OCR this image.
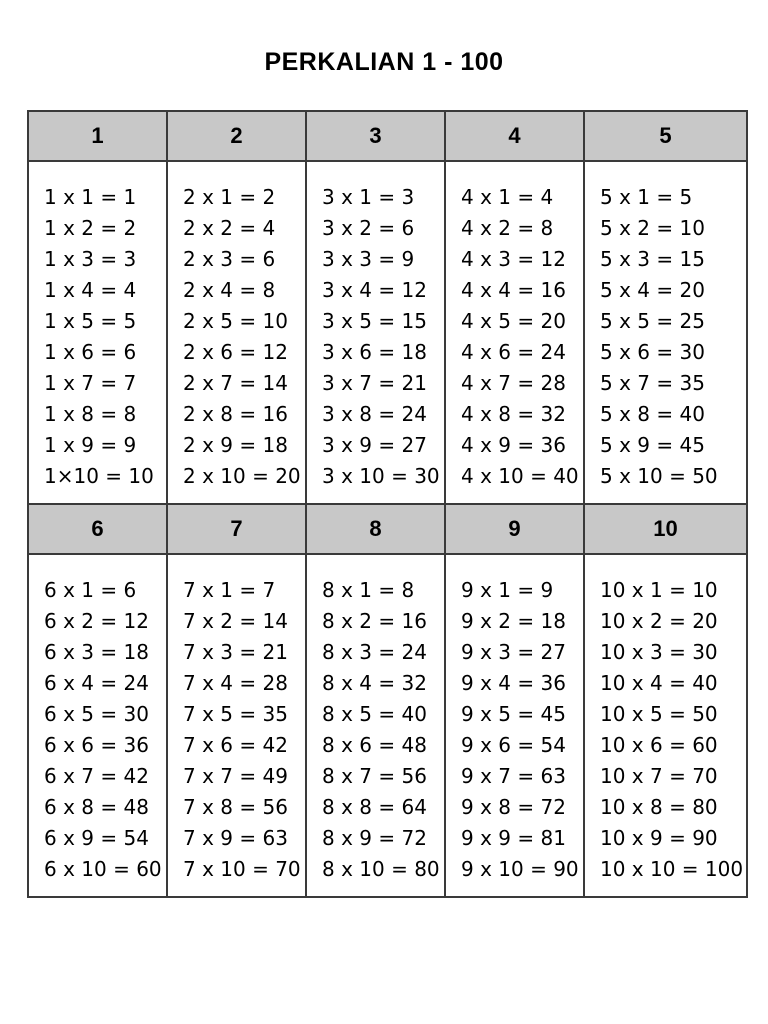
PERKALIAN 1 - 100
1
1 x 1 = 1
1 x 2 = 2
1 x 3 = 3
1 x 4 = 4
1 x 5 = 5
1 x 6 = 6
1 x 7 = 7
1 x 8 = 8
1 x 9 = 9
1×10 = 10
2
2 x 1 = 2
2 x 2 = 4
2 x 3 = 6
2 x 4 = 8
2 x 5 = 10
2 x 6 = 12
2 x 7 = 14
2 x 8 = 16
2 x 9 = 18
2 x 10 = 20
3
3 x 1 = 3
3 x 2 = 6
3 x 3 = 9
3 x 4 = 12
3 x 5 = 15
3 x 6 = 18
3 x 7 = 21
3 x 8 = 24
3 x 9 = 27
3 x 10 = 30
4
4 x 1 = 4
4 x 2 = 8
4 x 3 = 12
4 x 4 = 16
4 x 5 = 20
4 x 6 = 24
4 x 7 = 28
4 x 8 = 32
4 x 9 = 36
4 x 10 = 40
5
5 x 1 = 5
5 x 2 = 10
5 x 3 = 15
5 x 4 = 20
5 x 5 = 25
5 x 6 = 30
5 x 7 = 35
5 x 8 = 40
5 x 9 = 45
5 x 10 = 50
6
6 x 1 = 6
6 x 2 = 12
6 x 3 = 18
6 x 4 = 24
6 x 5 = 30
6 x 6 = 36
6 x 7 = 42
6 x 8 = 48
6 x 9 = 54
6 x 10 = 60
7
7 x 1 = 7
7 x 2 = 14
7 x 3 = 21
7 x 4 = 28
7 x 5 = 35
7 x 6 = 42
7 x 7 = 49
7 x 8 = 56
7 x 9 = 63
7 x 10 = 70
8
8 x 1 = 8
8 x 2 = 16
8 x 3 = 24
8 x 4 = 32
8 x 5 = 40
8 x 6 = 48
8 x 7 = 56
8 x 8 = 64
8 x 9 = 72
8 x 10 = 80
9
9 x 1 = 9
9 x 2 = 18
9 x 3 = 27
9 x 4 = 36
9 x 5 = 45
9 x 6 = 54
9 x 7 = 63
9 x 8 = 72
9 x 9 = 81
9 x 10 = 90
10
10 x 1 = 10
10 x 2 = 20
10 x 3 = 30
10 x 4 = 40
10 x 5 = 50
10 x 6 = 60
10 x 7 = 70
10 x 8 = 80
10 x 9 = 90
10 x 10 = 100
